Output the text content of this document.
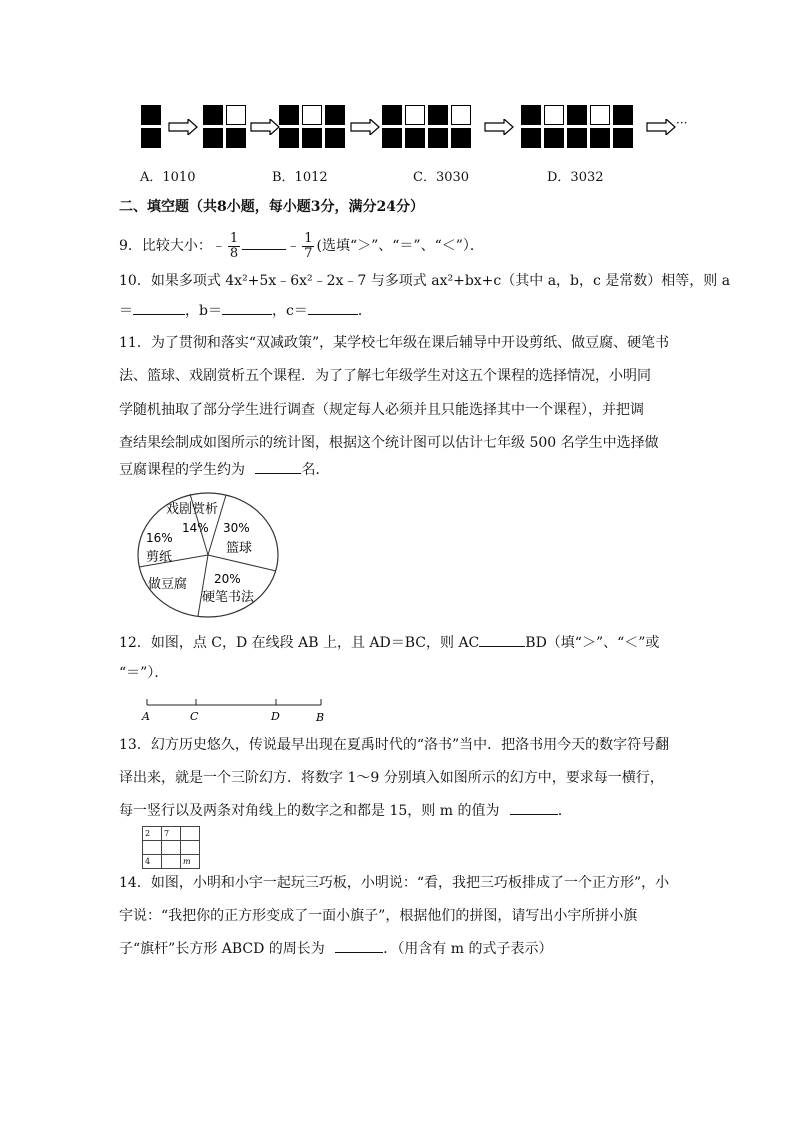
···
A．1010	B．1012	C．3030	D．3032
二、填空题（共8小题，每小题3分，满分24分）
9．比较大小：﹣ $\frac{1}{8}$	﹣ $\frac{1}{7}$ (选填“＞”、“＝”、“＜”）．
10．如果多项式 4x²+5x﹣6x²﹣2x﹣7 与多项式 ax²+bx+c（其中 a，b，c 是常数）相等，则 a
＝	，b＝	，c＝	．
11．为了贯彻和落实“双减政策”，某学校七年级在课后辅导中开设剪纸、做豆腐、硬笔书
法、篮球、戏剧赏析五个课程．为了了解七年级学生对这五个课程的选择情况，小明同
学随机抽取了部分学生进行调查（规定每人必须并且只能选择其中一个课程），并把调
查结果绘制成如图所示的统计图，根据这个统计图可以估计七年级 500 名学生中选择做
豆腐课程的学生约为	名．
戏剧赏析
14%
16%
剪纸
30%
篮球
做豆腐 20%
硬笔书法
12．如图，点 C，D 在线段 AB 上，且 AD＝BC，则 AC	BD（填“＞”、“＜”或
“＝”）．
A	C	D	B
13．幻方历史悠久，传说最早出现在夏禹时代的“洛书”当中．把洛书用今天的数字符号翻
译出来，就是一个三阶幻方．将数字 1～9 分别填入如图所示的幻方中，要求每一横行，
每一竖行以及两条对角线上的数字之和都是 15，则 m 的值为	．
2	7	

4		m
14．如图，小明和小宇一起玩三巧板，小明说：“看，我把三巧板排成了一个正方形”，小
宇说：“我把你的正方形变成了一面小旗子”，根据他们的拼图，请写出小宇所拼小旗
子“旗杆”长方形 ABCD 的周长为	．（用含有 m 的式子表示）
